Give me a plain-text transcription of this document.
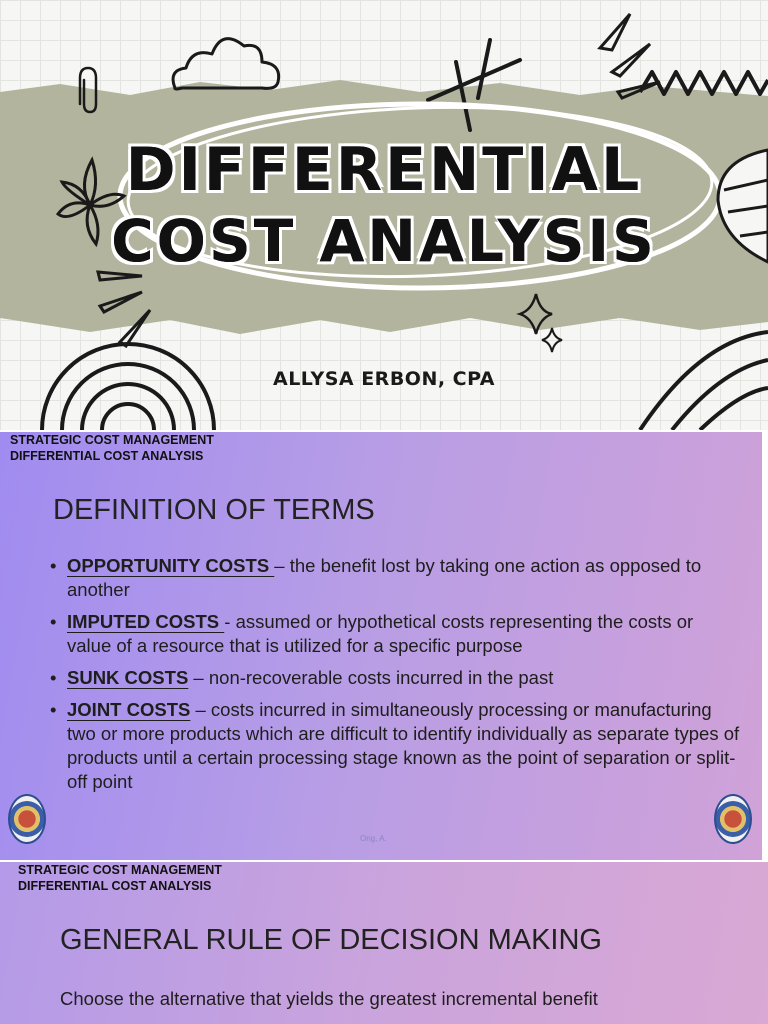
DIFFERENTIAL
COST ANALYSIS
ALLYSA ERBON, CPA
STRATEGIC COST MANAGEMENT
DIFFERENTIAL COST ANALYSIS
DEFINITION OF TERMS
• OPPORTUNITY COSTS – the benefit lost by taking one action as opposed to another
• IMPUTED COSTS - assumed or hypothetical costs representing the costs or value of a resource that is utilized for a specific purpose
• SUNK COSTS – non-recoverable costs incurred in the past
• JOINT COSTS – costs incurred in simultaneously processing or manufacturing two or more products which are difficult to identify individually as separate types of products until a certain processing stage known as the point of separation or split-off point
Ong, A.
STRATEGIC COST MANAGEMENT
DIFFERENTIAL COST ANALYSIS
GENERAL RULE OF DECISION MAKING
Choose the alternative that yields the greatest incremental benefit
